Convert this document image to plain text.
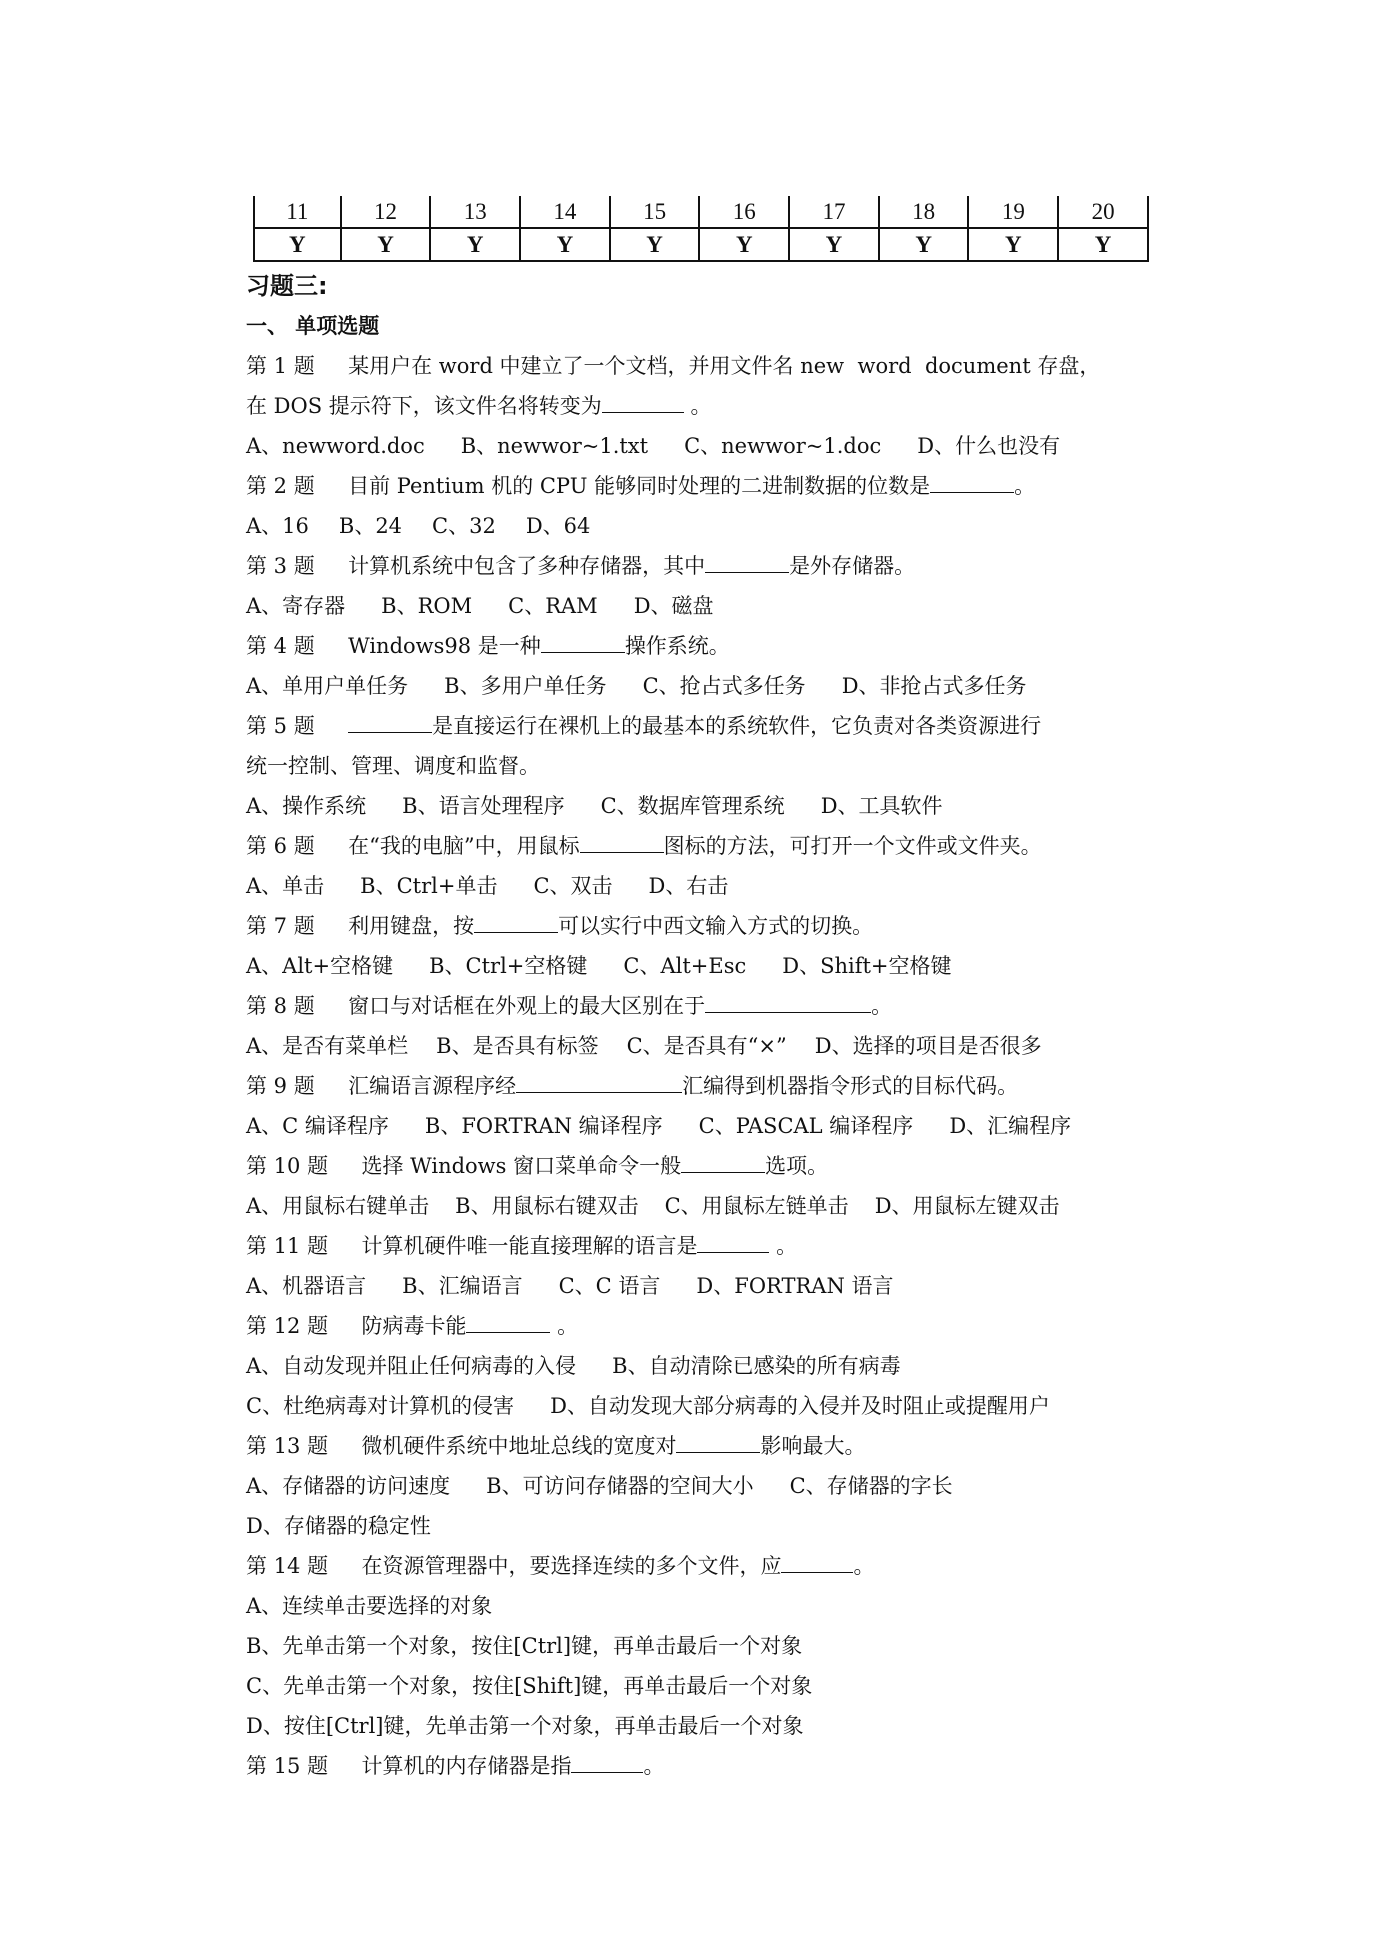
11	12	13	14	15	16	17	18	19	20
Y	Y	Y	Y	Y	Y	Y	Y	Y	Y
习题三:
一、 单项选题
第 1 题 某用户在 word 中建立了一个文档，并用文件名 new  word  document 存盘，
在 DOS 提示符下，该文件名将转变为	。
A、newword.doc B、newwor~1.txt C、newwor~1.doc D、什么也没有
第 2 题 目前 Pentium 机的 CPU 能够同时处理的二进制数据的位数是	。
A、16 B、24 C、32 D、64
第 3 题 计算机系统中包含了多种存储器，其中	是外存储器。
A、寄存器 B、ROM C、RAM D、磁盘
第 4 题 Windows98 是一种	操作系统。
A、单用户单任务 B、多用户单任务 C、抢占式多任务 D、非抢占式多任务
第 5 题	是直接运行在裸机上的最基本的系统软件，它负责对各类资源进行
统一控制、管理、调度和监督。
A、操作系统 B、语言处理程序 C、数据库管理系统 D、工具软件
第 6 题 在“我的电脑”中，用鼠标	图标的方法，可打开一个文件或文件夹。
A、单击 B、Ctrl+单击 C、双击 D、右击
第 7 题 利用键盘，按	可以实行中西文输入方式的切换。
A、Alt+空格键 B、Ctrl+空格键 C、Alt+Esc D、Shift+空格键
第 8 题 窗口与对话框在外观上的最大区别在于	。
A、是否有菜单栏 B、是否具有标签 C、是否具有“×” D、选择的项目是否很多
第 9 题 汇编语言源程序经	汇编得到机器指令形式的目标代码。
A、C 编译程序 B、FORTRAN 编译程序 C、PASCAL 编译程序 D、汇编程序
第 10 题 选择 Windows 窗口菜单命令一般	选项。
A、用鼠标右键单击 B、用鼠标右键双击 C、用鼠标左链单击 D、用鼠标左键双击
第 11 题 计算机硬件唯一能直接理解的语言是	。
A、机器语言 B、汇编语言 C、C 语言 D、FORTRAN 语言
第 12 题 防病毒卡能	。
A、自动发现并阻止任何病毒的入侵 B、自动清除已感染的所有病毒
C、杜绝病毒对计算机的侵害 D、自动发现大部分病毒的入侵并及时阻止或提醒用户
第 13 题 微机硬件系统中地址总线的宽度对	影响最大。
A、存储器的访问速度 B、可访问存储器的空间大小 C、存储器的字长
D、存储器的稳定性
第 14 题 在资源管理器中，要选择连续的多个文件，应	。
A、连续单击要选择的对象
B、先单击第一个对象，按住[Ctrl]键，再单击最后一个对象
C、先单击第一个对象，按住[Shift]键，再单击最后一个对象
D、按住[Ctrl]键，先单击第一个对象，再单击最后一个对象
第 15 题 计算机的内存储器是指	。
